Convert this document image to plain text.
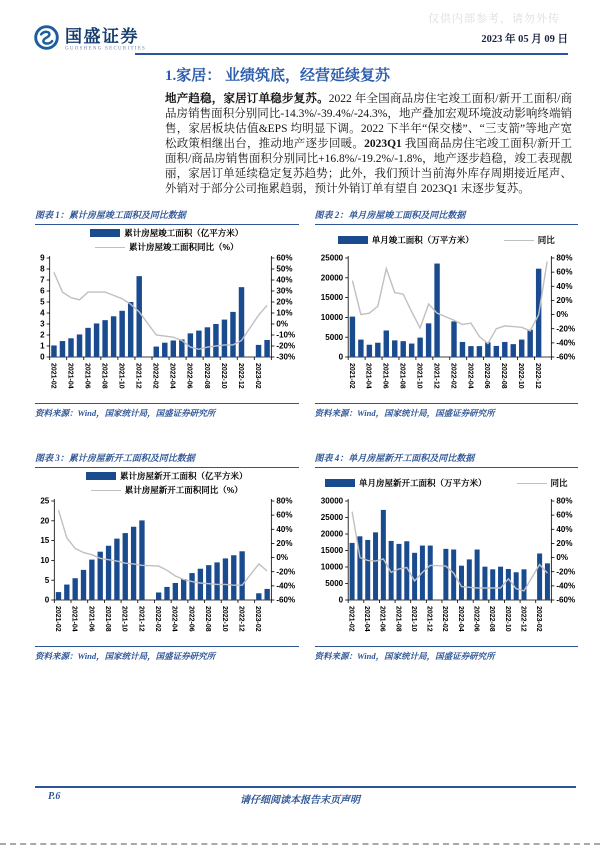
仅供内部参考，请勿外传
国盛证券
GUOSHENG SECURITIES
2023 年 05 月 09 日
1.家居： 业绩筑底，经营延续复苏

地产趋稳，家居订单稳步复苏。2022 年全国商品房住宅竣工面积/新开工面积/商品房销售面积分别同比-14.3%/-39.4%/-24.3%，地产叠加宏观环境波动影响终端销售，家居板块估值&EPS 均明显下调。2022 下半年“保交楼”、“三支箭”等地产宽松政策相继出台，推动地产逐步回暖。2023Q1 我国商品房住宅竣工面积/新开工面积/商品房销售面积分别同比+16.8%/-19.2%/-1.8%，地产逐步趋稳，竣工表现靓丽，家居订单延续稳定复苏趋势；此外，我们预计当前海外库存周期接近尾声、外销对于部分公司拖累趋弱，预计外销订单有望自 2023Q1 末逐步复苏。

图表 1：累计房屋竣工面积及同比数据
累计房屋竣工面积（亿平方米）
累计房屋竣工面积同比（%）
0
1
2
3
4
5
6
7
8
9
-30%
-20%
-10%
0%
10%
20%
30%
40%
50%
60%
2021-02 2021-04 2021-06 2021-08 2021-10 2021-12 2022-02 2022-04 2022-06 2022-08 2022-10 2022-12 2023-02
资料来源：Wind，国家统计局，国盛证券研究所
图表 2：单月房屋竣工面积及同比数据
单月竣工面积（万平方米）	同比
0
5000
10000
15000
20000
25000
-60%
-40%
-20%
0%
20%
40%
60%
80%
2021-02 2021-04 2021-06 2021-08 2021-10 2021-12 2022-02 2022-04 2022-06 2022-08 2022-10 2022-12
资料来源：Wind，国家统计局，国盛证券研究所
图表 3：累计房屋新开工面积及同比数据
累计房屋新开工面积（亿平方米）
累计房屋新开工面积同比（%）
0
5
10
15
20
25
-60%
-40%
-20%
0%
20%
40%
60%
80%
2021-02 2021-04 2021-06 2021-08 2021-10 2021-12 2022-02 2022-04 2022-06 2022-08 2022-10 2022-12 2023-02
资料来源：Wind，国家统计局，国盛证券研究所
图表 4：单月房屋新开工面积及同比数据
单月房屋新开工面积（万平方米）	同比
0
5000
10000
15000
20000
25000
30000
-60%
-40%
-20%
0%
20%
40%
60%
80%
2021-02 2021-04 2021-06 2021-08 2021-10 2021-12 2022-02 2022-04 2022-06 2022-08 2022-10 2022-12 2023-02
资料来源：Wind，国家统计局，国盛证券研究所
P.6	请仔细阅读本报告末页声明
